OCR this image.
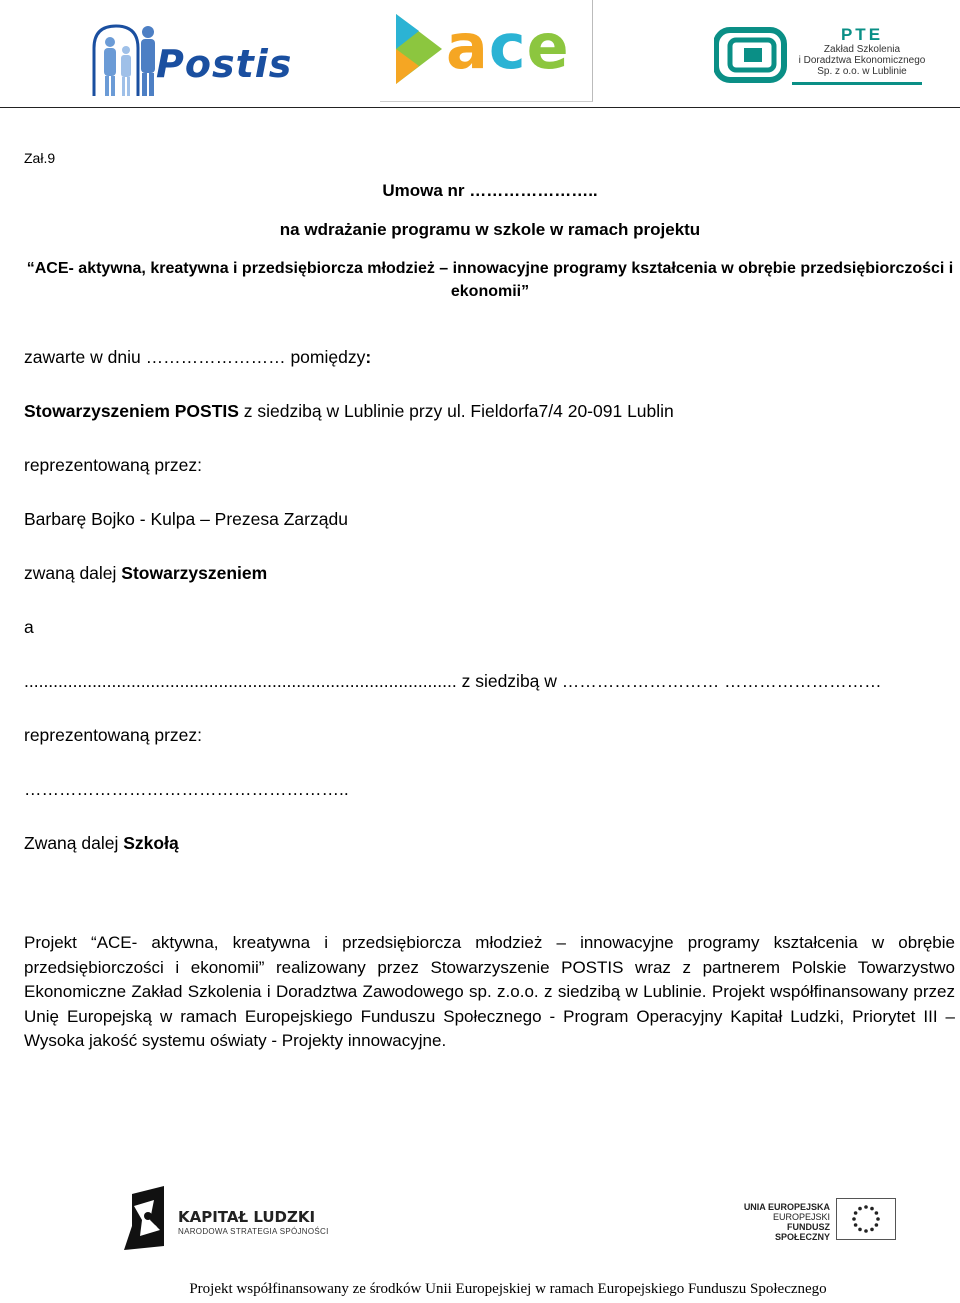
Postis ace	PTE
Zakład Szkolenia
i Doradztwa Ekonomicznego
Sp. z o.o. w Lublinie
Zał.9
Umowa nr …………………..
na wdrażanie programu w szkole w ramach projektu
“ACE- aktywna, kreatywna i przedsiębiorcza młodzież – innowacyjne programy kształcenia w obrębie przedsiębiorczości i ekonomii”
zawarte w dniu …………………… pomiędzy:
Stowarzyszeniem POSTIS z siedzibą w Lublinie przy ul. Fieldorfa7/4 20-091 Lublin
reprezentowaną przez:
Barbarę Bojko - Kulpa – Prezesa Zarządu
zwaną dalej Stowarzyszeniem
a
......................................................................................... z siedzibą w ……………………… ………………………
reprezentowaną przez:
………………………………………………..
Zwaną dalej Szkołą
Projekt “ACE- aktywna, kreatywna i przedsiębiorcza młodzież – innowacyjne programy kształcenia w obrębie przedsiębiorczości i ekonomii” realizowany przez Stowarzyszenie POSTIS wraz z partnerem Polskie Towarzystwo Ekonomiczne Zakład Szkolenia i Doradztwa Zawodowego sp. z.o.o. z siedzibą w Lublinie. Projekt współfinansowany przez Unię Europejską w ramach Europejskiego Funduszu Społecznego - Program Operacyjny Kapitał Ludzki, Priorytet III – Wysoka jakość systemu oświaty - Projekty innowacyjne.
KAPITAŁ LUDZKI
NARODOWA STRATEGIA SPÓJNOŚCI
UNIA EUROPEJSKA
EUROPEJSKI
FUNDUSZ SPOŁECZNY
Projekt współfinansowany ze środków Unii Europejskiej w ramach Europejskiego Funduszu Społecznego
